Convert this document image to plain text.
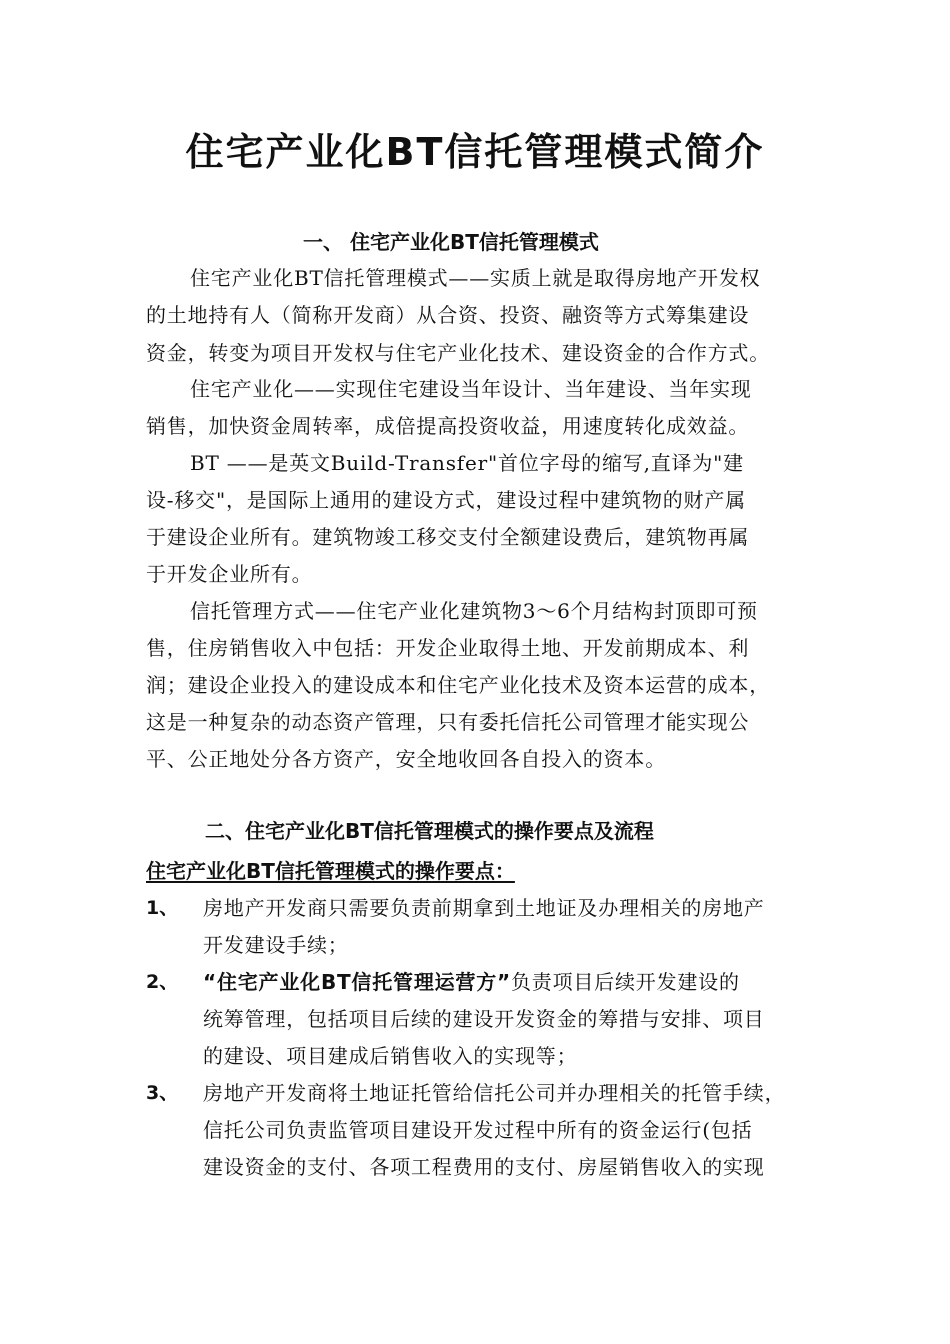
住宅产业化BT信托管理模式简介
一、 住宅产业化BT信托管理模式

住宅产业化BT信托管理模式——实质上就是取得房地产开发权

的土地持有人（简称开发商）从合资、投资、融资等方式筹集建设

资金，转变为项目开发权与住宅产业化技术、建设资金的合作方式。

住宅产业化——实现住宅建设当年设计、当年建设、当年实现

销售，加快资金周转率，成倍提高投资收益，用速度转化成效益。

BT ——是英文Build-Transfer"首位字母的缩写,直译为"建

设-移交"，是国际上通用的建设方式，建设过程中建筑物的财产属

于建设企业所有。建筑物竣工移交支付全额建设费后，建筑物再属

于开发企业所有。

信托管理方式——住宅产业化建筑物3～6个月结构封顶即可预

售，住房销售收入中包括：开发企业取得土地、开发前期成本、利

润；建设企业投入的建设成本和住宅产业化技术及资本运营的成本，

这是一种复杂的动态资产管理，只有委托信托公司管理才能实现公

平、公正地处分各方资产，安全地收回各自投入的资本。

二、住宅产业化BT信托管理模式的操作要点及流程

住宅产业化BT信托管理模式的操作要点：

1、 房地产开发商只需要负责前期拿到土地证及办理相关的房地产

开发建设手续；

2、 “住宅产业化BT信托管理运营方”负责项目后续开发建设的

统筹管理，包括项目后续的建设开发资金的筹措与安排、项目

的建设、项目建成后销售收入的实现等；

3、 房地产开发商将土地证托管给信托公司并办理相关的托管手续，

信托公司负责监管项目建设开发过程中所有的资金运行(包括

建设资金的支付、各项工程费用的支付、房屋销售收入的实现
